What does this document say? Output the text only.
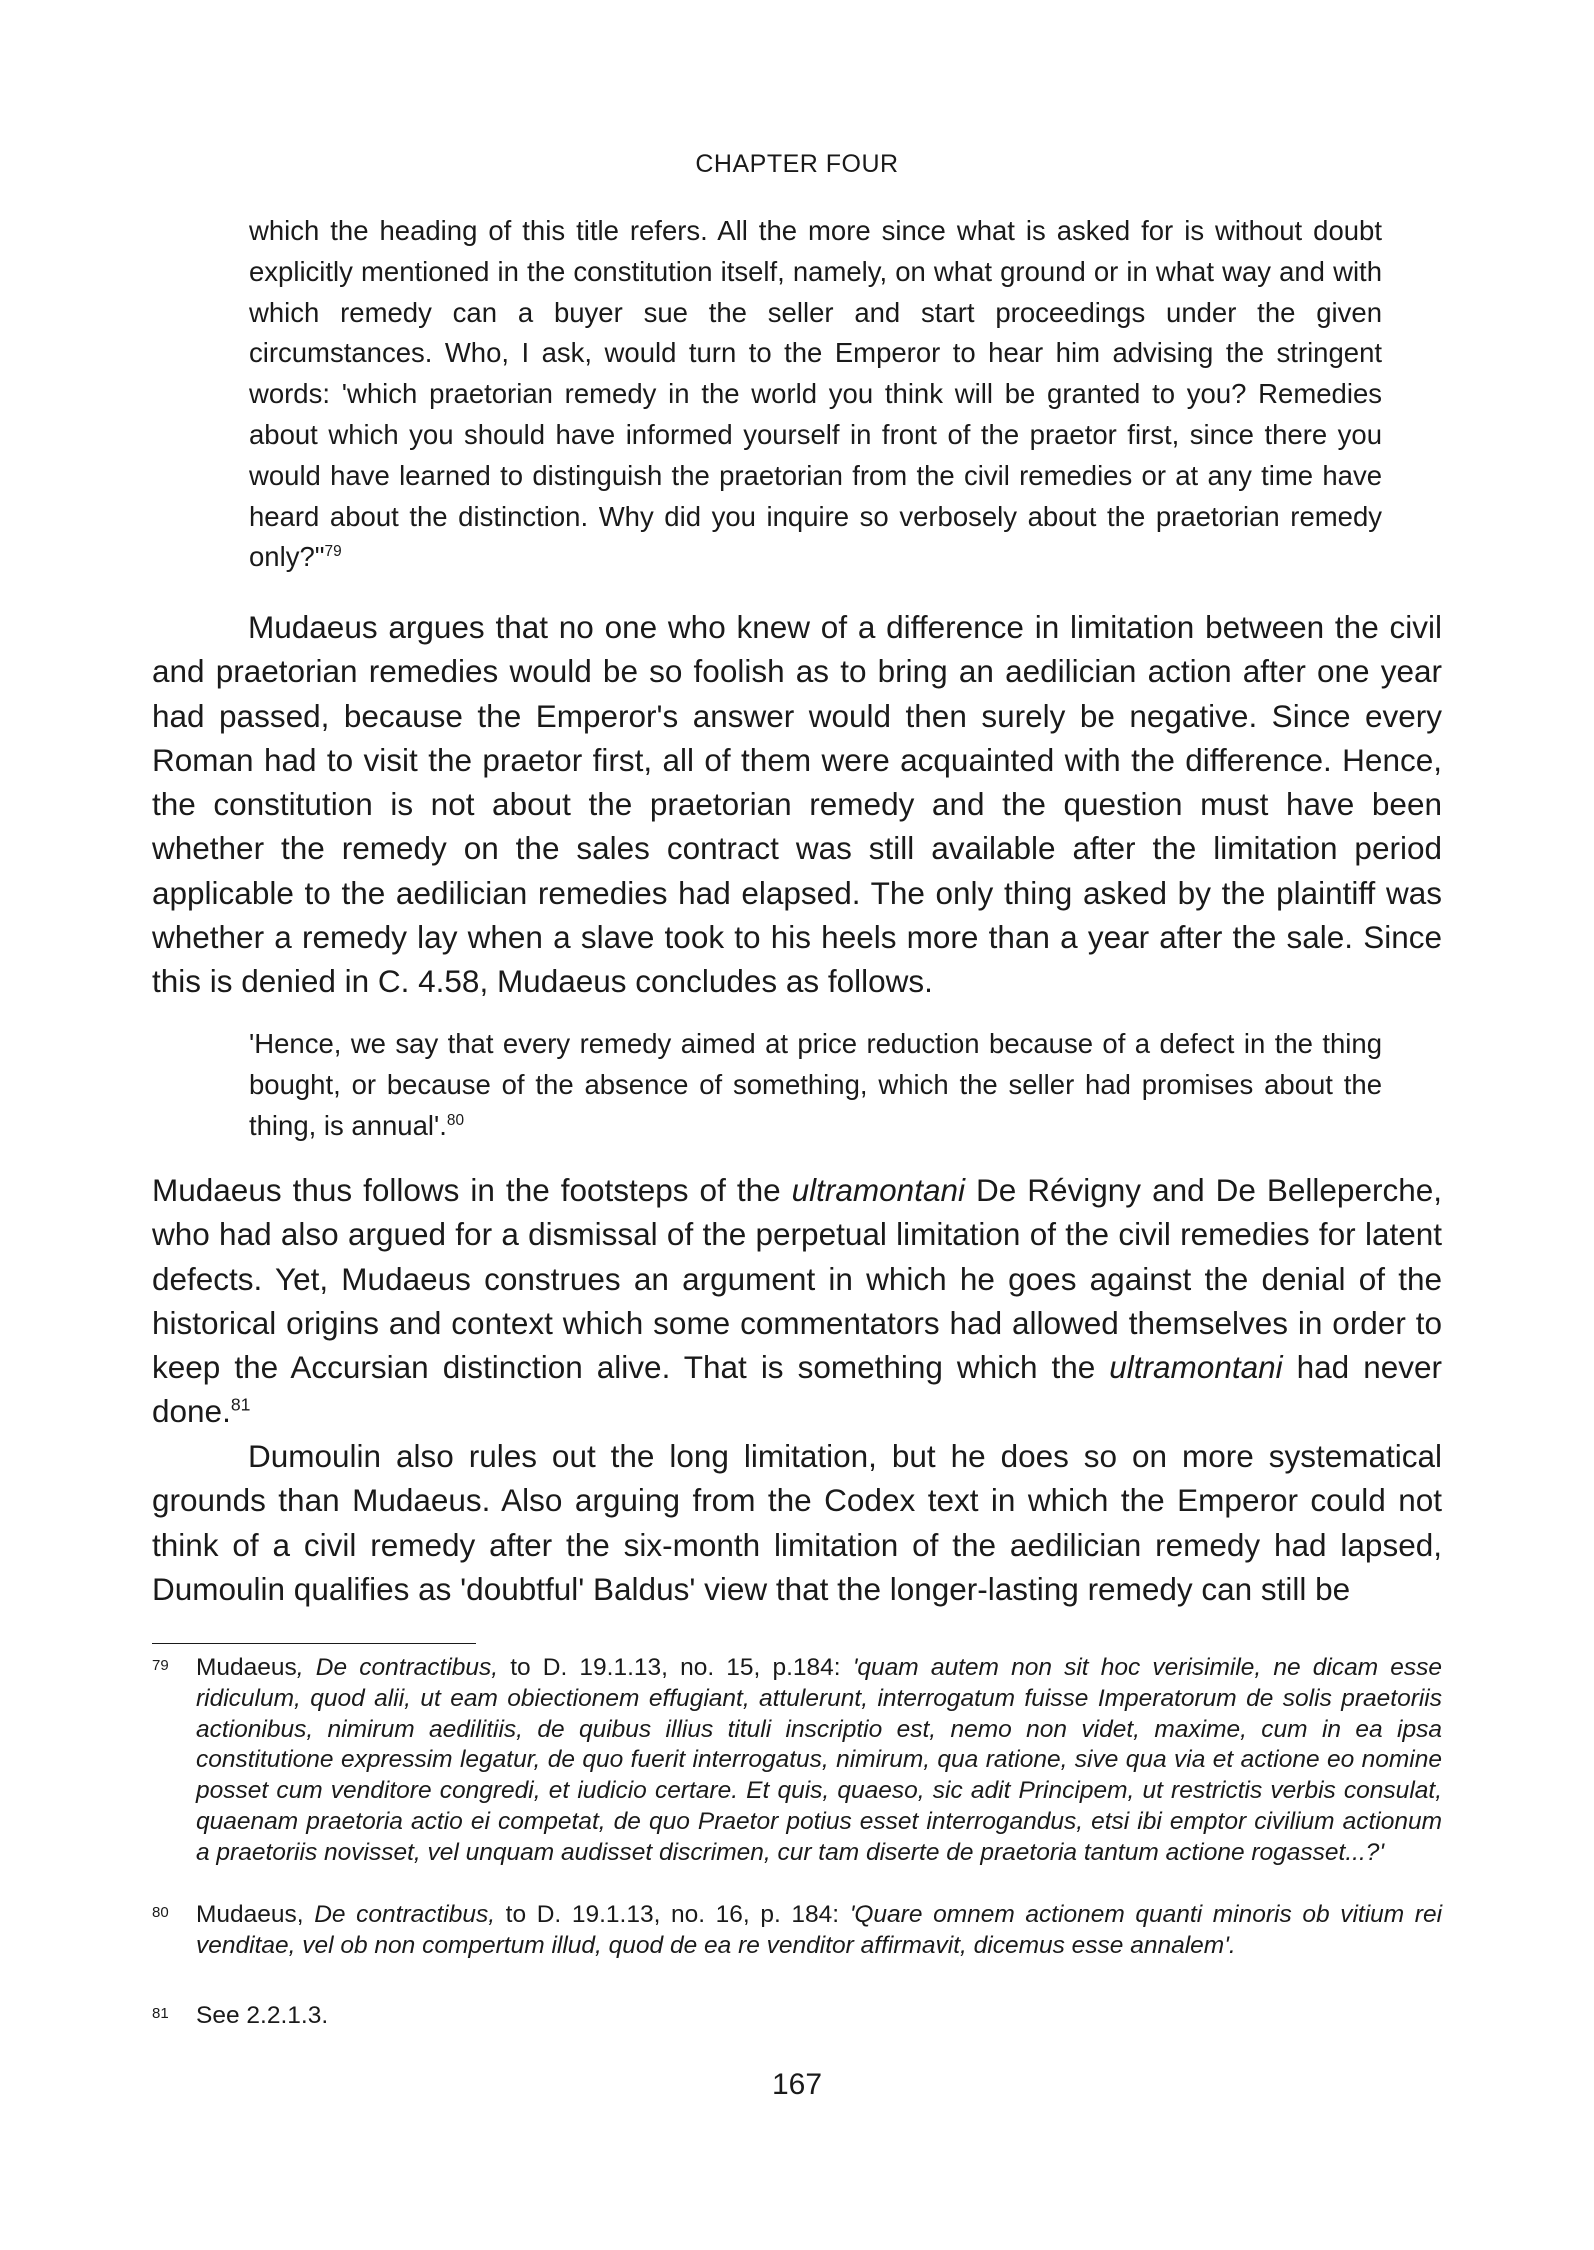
CHAPTER FOUR

which the heading of this title refers. All the more since what is asked for is without doubt explicitly mentioned in the constitution itself, namely, on what ground or in what way and with which remedy can a buyer sue the seller and start proceedings under the given circumstances. Who, I ask, would turn to the Emperor to hear him advising the stringent words: 'which praetorian remedy in the world you think will be granted to you? Remedies about which you should have informed yourself in front of the praetor first, since there you would have learned to distinguish the praetorian from the civil remedies or at any time have heard about the distinction. Why did you inquire so verbosely about the praetorian remedy only?"$^{79}$

Mudaeus argues that no one who knew of a difference in limitation between the civil and praetorian remedies would be so foolish as to bring an aedilician action after one year had passed, because the Emperor's answer would then surely be negative. Since every Roman had to visit the praetor first, all of them were acquainted with the difference. Hence, the constitution is not about the praetorian remedy and the question must have been whether the remedy on the sales contract was still available after the limitation period applicable to the aedilician remedies had elapsed. The only thing asked by the plaintiff was whether a remedy lay when a slave took to his heels more than a year after the sale. Since this is denied in C. 4.58, Mudaeus concludes as follows.

'Hence, we say that every remedy aimed at price reduction because of a defect in the thing bought, or because of the absence of something, which the seller had promises about the thing, is annual'.$^{80}$

Mudaeus thus follows in the footsteps of the ultramontani De Révigny and De Belleperche, who had also argued for a dismissal of the perpetual limitation of the civil remedies for latent defects. Yet, Mudaeus construes an argument in which he goes against the denial of the historical origins and context which some commentators had allowed themselves in order to keep the Accursian distinction alive. That is something which the ultramontani had never done.$^{81}$

Dumoulin also rules out the long limitation, but he does so on more systematical grounds than Mudaeus. Also arguing from the Codex text in which the Emperor could not think of a civil remedy after the six-month limitation of the aedilician remedy had lapsed, Dumoulin qualifies as 'doubtful' Baldus' view that the longer-lasting remedy can still be

79 Mudaeus, De contractibus, to D. 19.1.13, no. 15, p.184: 'quam autem non sit hoc verisimile, ne dicam esse ridiculum, quod alii, ut eam obiectionem effugiant, attulerunt, interrogatum fuisse Imperatorum de solis praetoriis actionibus, nimirum aedilitiis, de quibus illius tituli inscriptio est, nemo non videt, maxime, cum in ea ipsa constitutione expressim legatur, de quo fuerit interrogatus, nimirum, qua ratione, sive qua via et actione eo nomine posset cum venditore congredi, et iudicio certare. Et quis, quaeso, sic adit Principem, ut restrictis verbis consulat, quaenam praetoria actio ei competat, de quo Praetor potius esset interrogandus, etsi ibi emptor civilium actionum a praetoriis novisset, vel unquam audisset discrimen, cur tam diserte de praetoria tantum actione rogasset...?'
80 Mudaeus, De contractibus, to D. 19.1.13, no. 16, p. 184: 'Quare omnem actionem quanti minoris ob vitium rei venditae, vel ob non compertum illud, quod de ea re venditor affirmavit, dicemus esse annalem'.
81 See 2.2.1.3.
167
